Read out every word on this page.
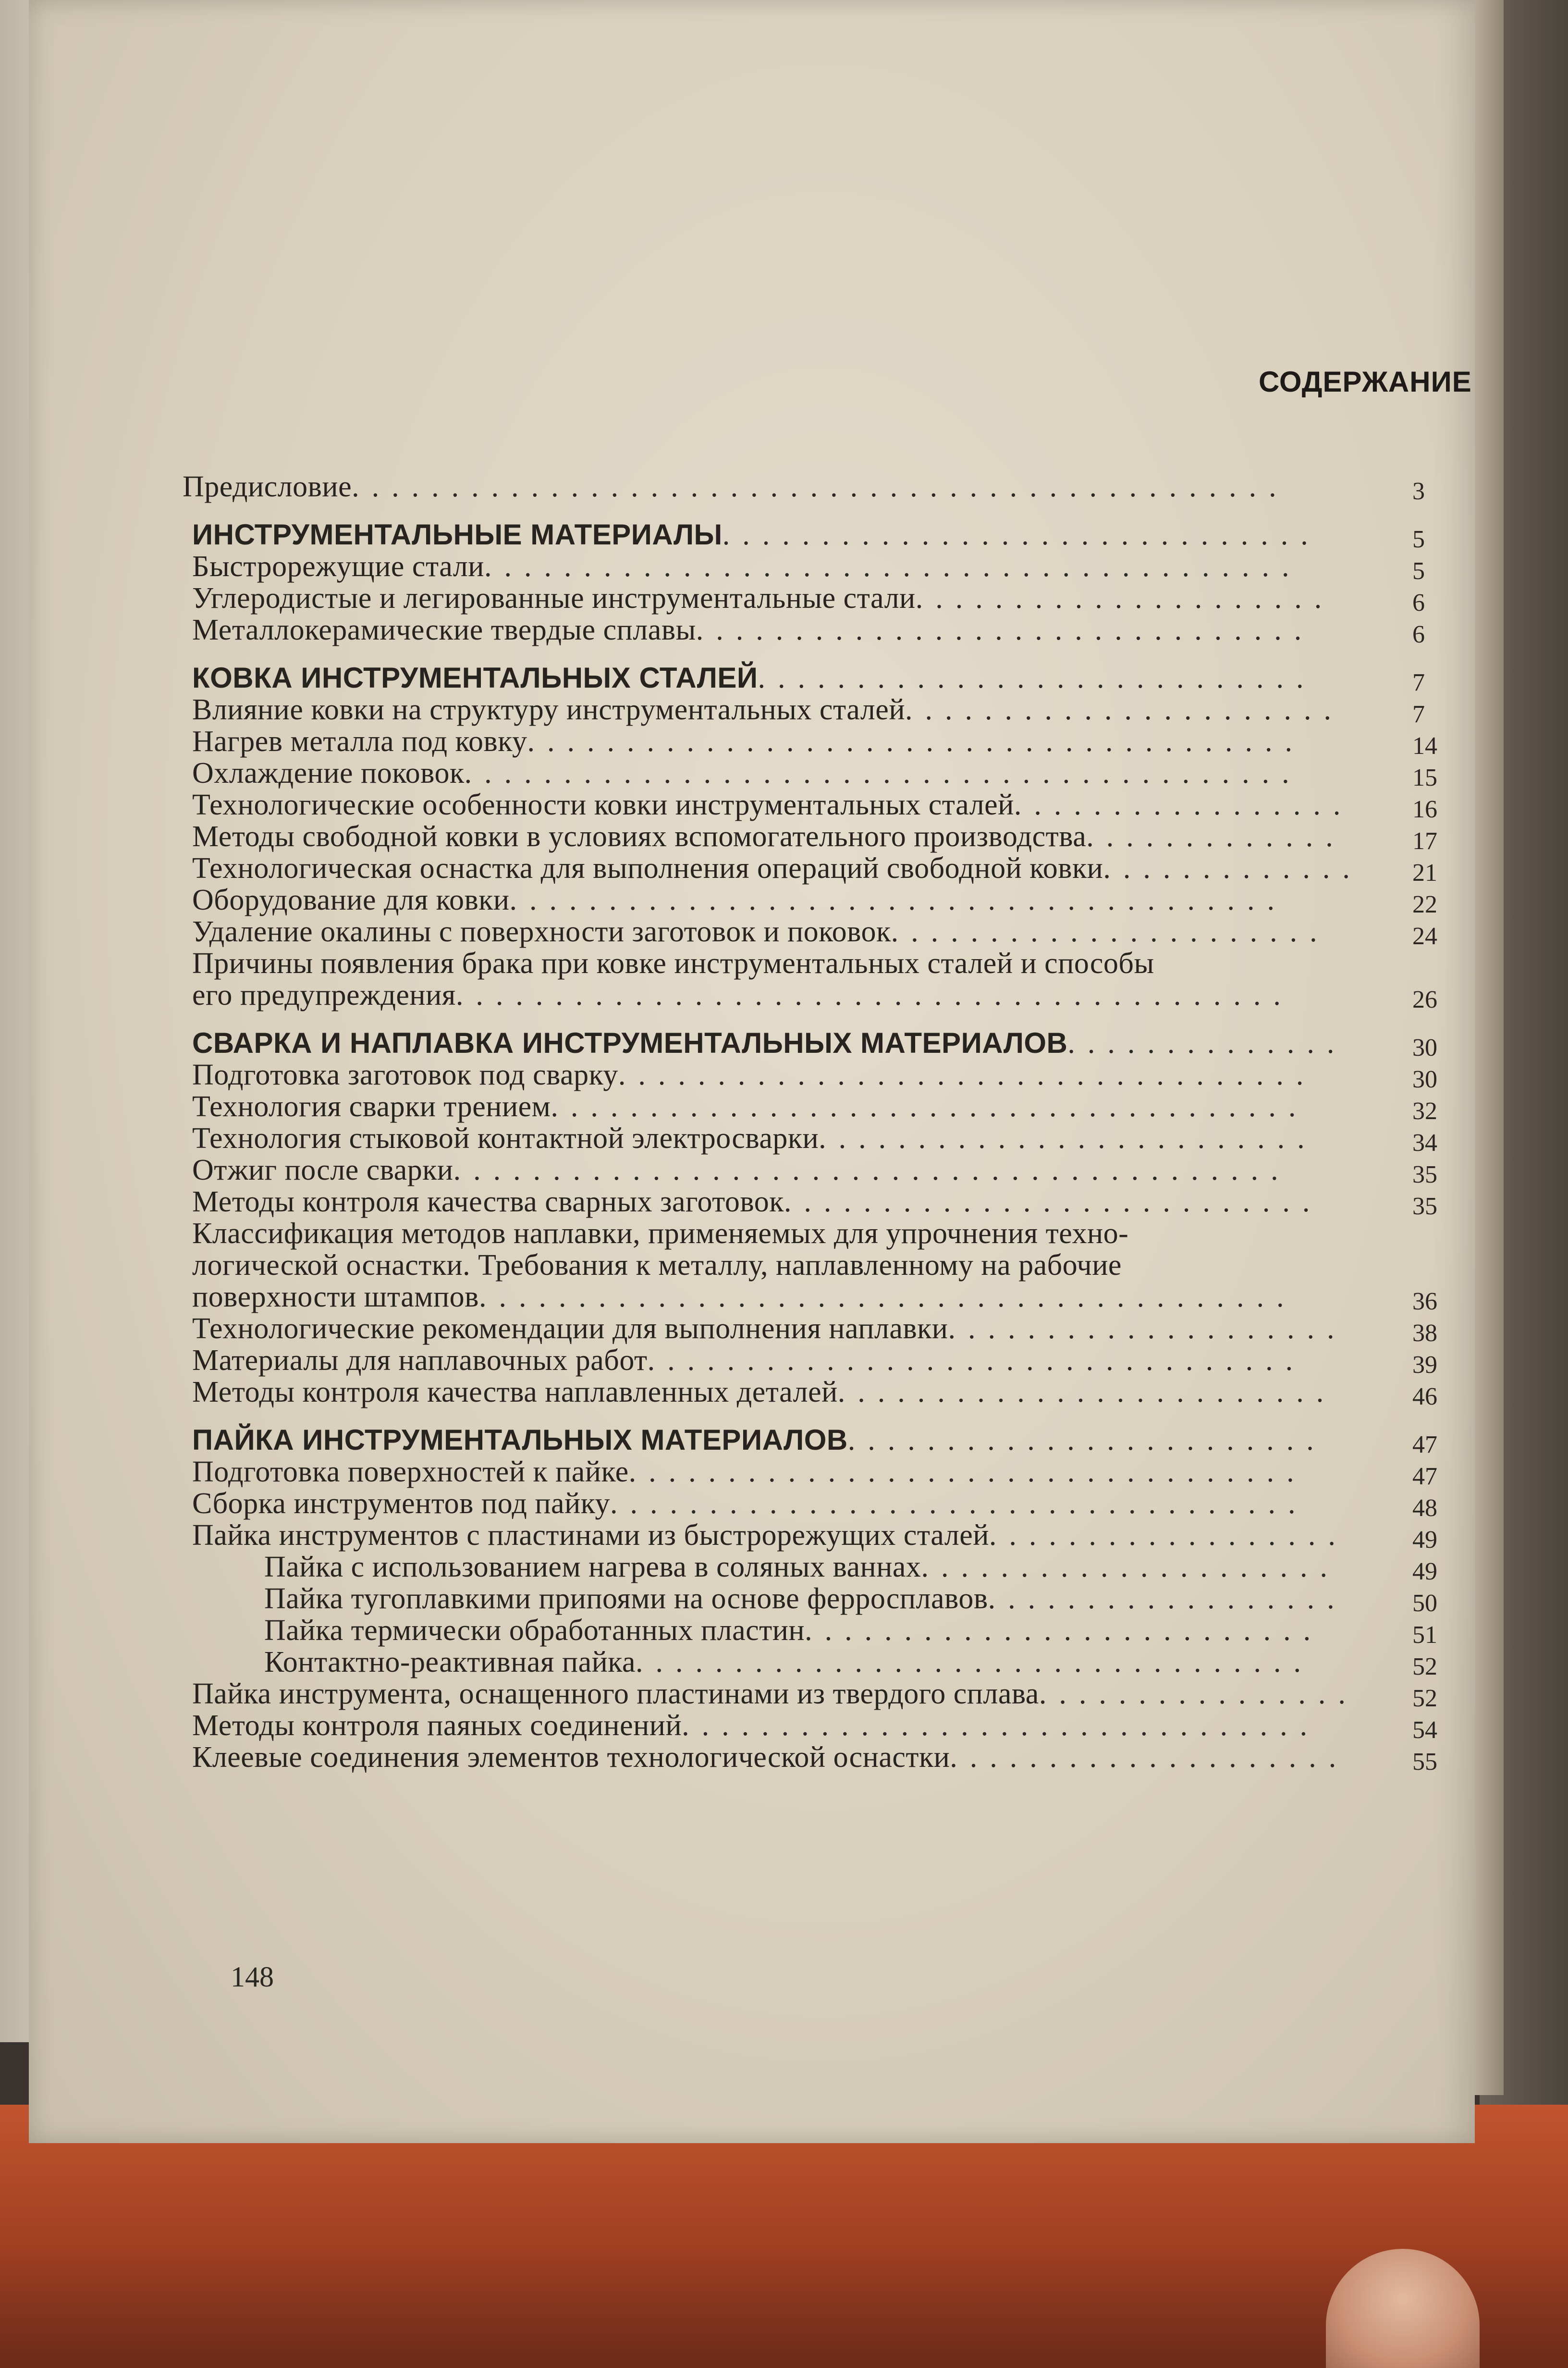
СОДЕРЖАНИЕ
Предисловие...............................................	3
ИНСТРУМЕНТАЛЬНЫЕ МАТЕРИАЛЫ..............................	5
Быстрорежущие стали.........................................	5
Углеродистые и легированные инструментальные стали.....................	6
Металлокерамические твердые сплавы...............................	6
КОВКА ИНСТРУМЕНТАЛЬНЫХ СТАЛЕЙ............................	7
Влияние ковки на структуру инструментальных сталей......................	7
Нагрев металла под ковку.......................................	14
Охлаждение поковок..........................................	15
Технологические особенности ковки инструментальных сталей................. 16
Методы свободной ковки в условиях вспомогательного производства.............	17
Технологическая оснастка для выполнения операций свободной ковки............. 21
Оборудование для ковки.......................................	22
Удаление окалины с поверхности заготовок и поковок......................	24
Причины появления брака при ковке инструментальных сталей и способы
его предупреждения..........................................	26
СВАРКА И НАПЛАВКА ИНСТРУМЕНТАЛЬНЫХ МАТЕРИАЛОВ..............	30
Подготовка заготовок под сварку...................................	30
Технология сварки трением......................................	32
Технология стыковой контактной электросварки.........................	34
Отжиг после сварки..........................................	35
Методы контроля качества сварных заготовок...........................	35
Классификация методов наплавки, применяемых для упрочнения техно-
логической оснастки. Требования к металлу, наплавленному на рабочие
поверхности штампов.........................................	36
Технологические рекомендации для выполнения наплавки....................	38
Материалы для наплавочных работ.................................	39
Методы контроля качества наплавленных деталей.........................	46
ПАЙКА ИНСТРУМЕНТАЛЬНЫХ МАТЕРИАЛОВ........................	47
Подготовка поверхностей к пайке..................................	47
Сборка инструментов под пайку...................................	48
Пайка инструментов с пластинами из быстрорежущих сталей..................	49
Пайка с использованием нагрева в соляных ваннах.....................	49
Пайка тугоплавкими припоями на основе ферросплавов..................	50
Пайка термически обработанных пластин..........................	51
Контактно-реактивная пайка..................................	52
Пайка инструмента, оснащенного пластинами из твердого сплава................ 52
Методы контроля паяных соединений................................	54
Клеевые соединения элементов технологической оснастки....................	55
148
